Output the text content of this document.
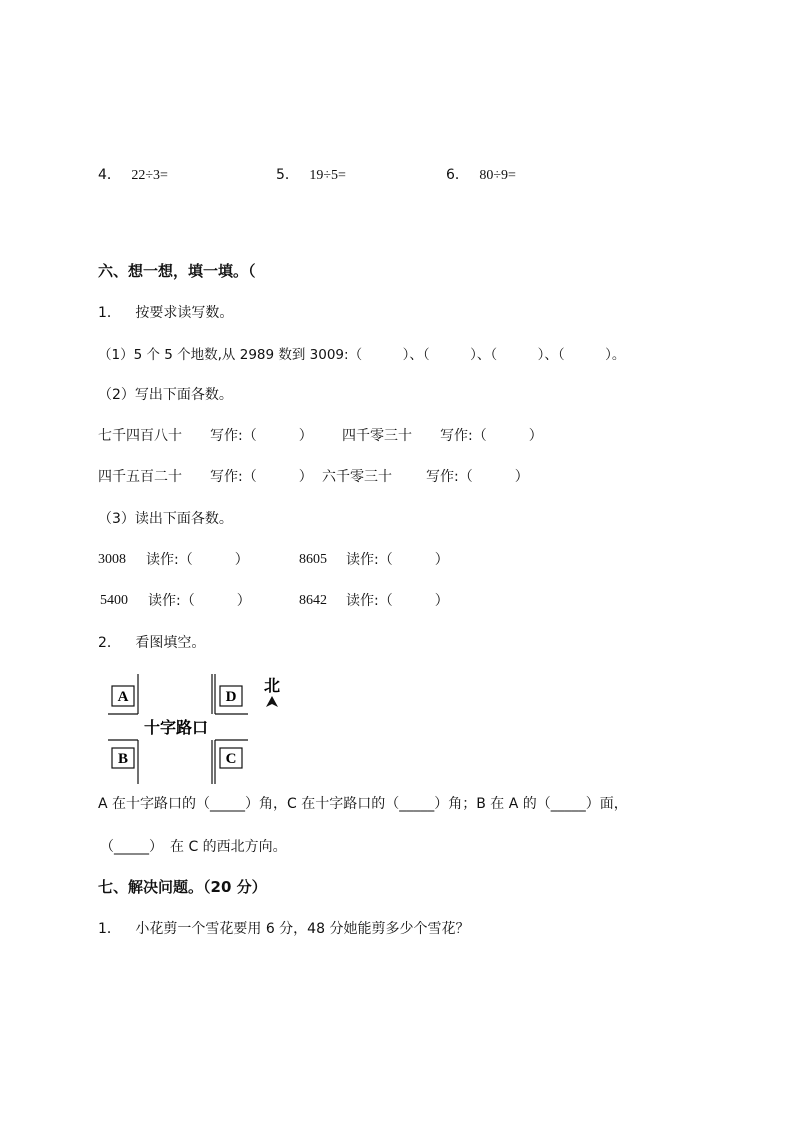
4． 22÷3=	5． 19÷5=	6． 80÷9=
六、想一想，填一填。（
1． 按要求读写数。
（1）5 个 5 个地数,从 2989 数到 3009:（　　　）、（　　　）、（　　　）、（　　　）。
（2）写出下面各数。
七千四百八十 写作:（　　　） 四千零三十 写作:（　　　）
四千五百二十 写作:（　　　） 六千零三十 写作:（　　　）
（3）读出下面各数。
3008 读作:（　　　）	8605 读作:（　　　）
5400 读作:（　　　）	8642 读作:（　　　）
2． 看图填空。
A
B	C
D
十字路口
北
A 在十字路口的（_____）角，C 在十字路口的（_____）角；B 在 A 的（_____）面，
（_____）　在 C 的西北方向。
七、解决问题。（20 分）
1． 小花剪一个雪花要用 6 分，48 分她能剪多少个雪花？
